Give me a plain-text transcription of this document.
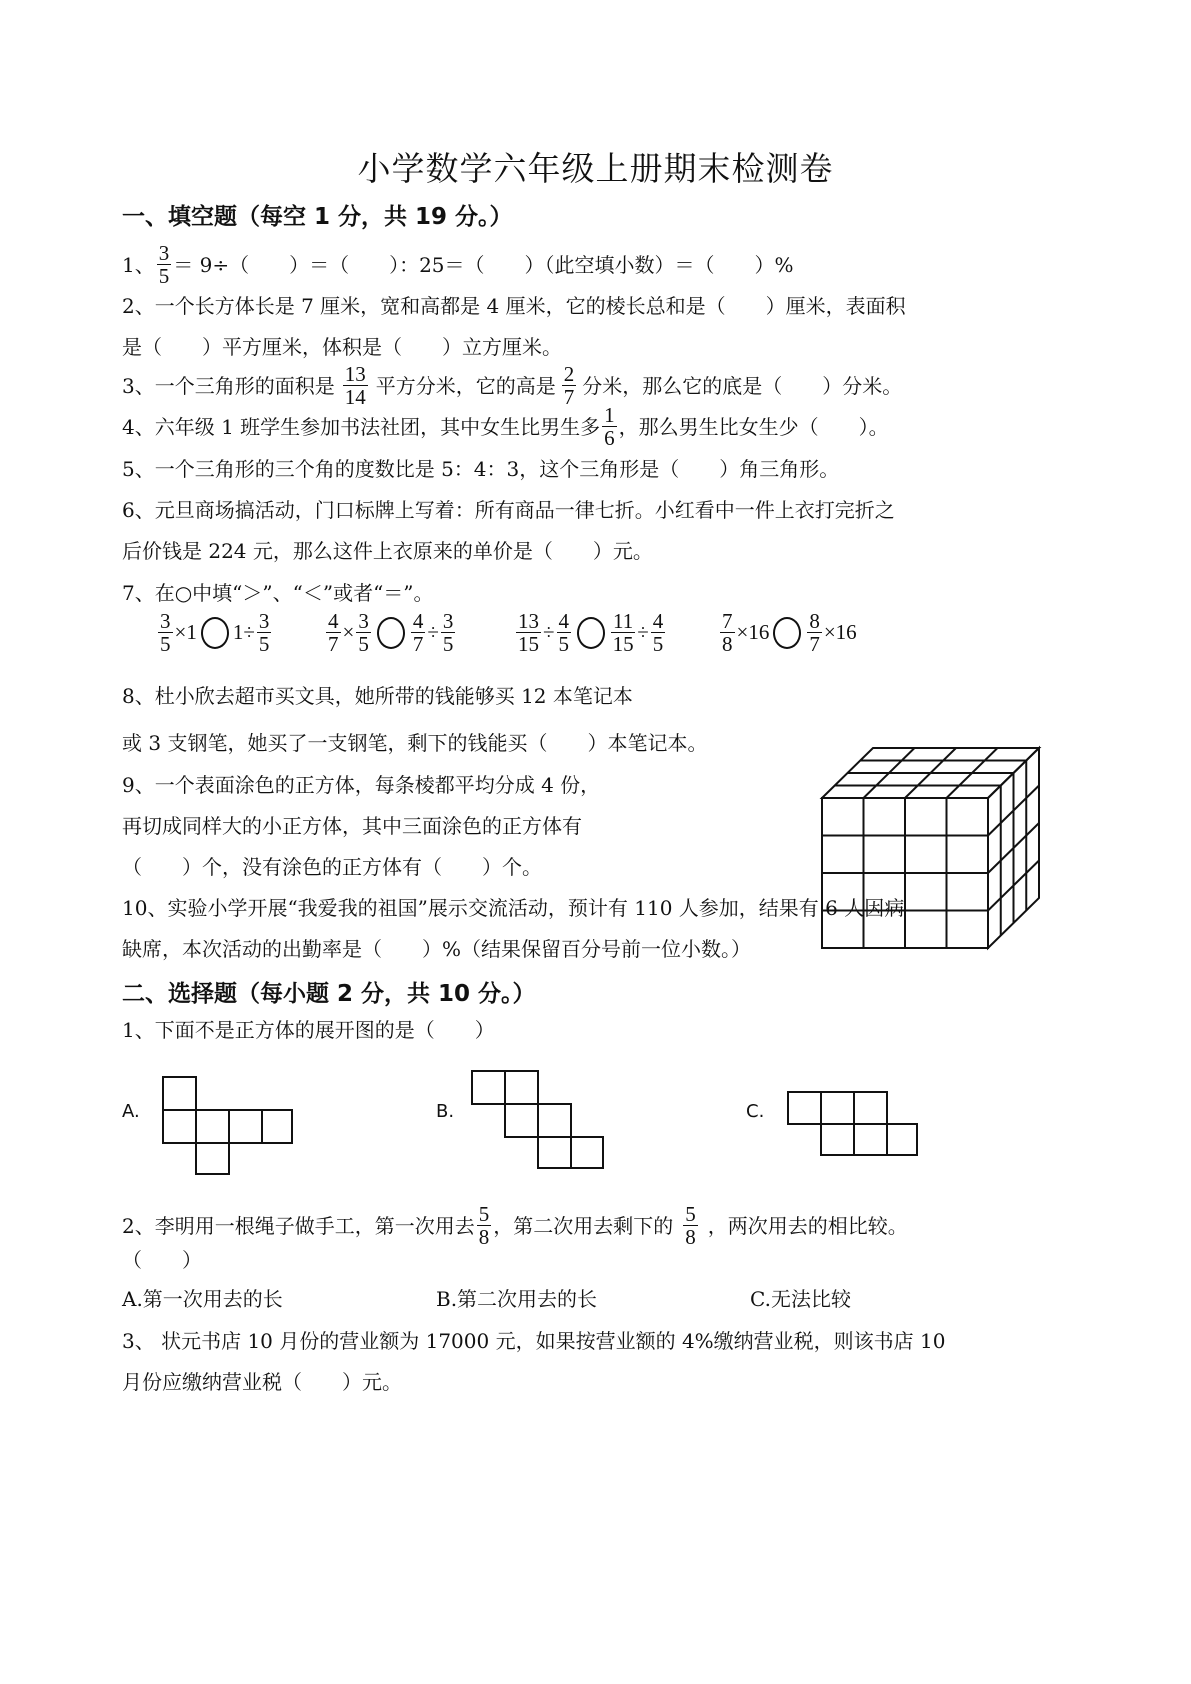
小学数学六年级上册期末检测卷
一、填空题（每空 1 分，共 19 分。）
1、 $\frac{3}{5} = 9\div$（　　）＝（　　）：25＝（　　）（此空填小数）＝（　　）%
2、一个长方体长是 7 厘米，宽和高都是 4 厘米，它的棱长总和是（　　）厘米，表面积
是（　　）平方厘米，体积是（　　）立方厘米。
3、一个三角形的面积是 $\frac{13}{14}$ 平方分米，它的高是 $\frac{2}{7}$ 分米，那么它的底是（　　）分米。
4、六年级 1 班学生参加书法社团，其中女生比男生多 $\frac{1}{6}$ ，那么男生比女生少（　　）。
5、一个三角形的三个角的度数比是 5：4：3，这个三角形是（　　）角三角形。
6、元旦商场搞活动，门口标牌上写着：所有商品一律七折。小红看中一件上衣打完折之
后价钱是 224 元，那么这件上衣原来的单价是（　　）元。
7、在○中填“＞”、“＜”或者“＝”。
$\frac{3}{5} \times 1$ $1\div \frac{3}{5}$	$\frac{4}{7} \times \frac{3}{5} \frac{4}{7} \div \frac{3}{5}$	$\frac{13}{15} \div \frac{4}{5} \frac{11}{15} \div \frac{4}{5}$	$\frac{7}{8} \times 16 \frac{8}{7} \times 16$
8、杜小欣去超市买文具，她所带的钱能够买 12 本笔记本
或 3 支钢笔，她买了一支钢笔，剩下的钱能买（　　）本笔记本。
9、一个表面涂色的正方体，每条棱都平均分成 4 份，
再切成同样大的小正方体，其中三面涂色的正方体有
（　　）个，没有涂色的正方体有（　　）个。
10、实验小学开展“我爱我的祖国”展示交流活动，预计有 110 人参加，结果有 6 人因病
缺席，本次活动的出勤率是（　　）%（结果保留百分号前一位小数。）
二、选择题（每小题 2 分，共 10 分。）
1、下面不是正方体的展开图的是（　　）
A.	B.	C.
2、李明用一根绳子做手工，第一次用去 $\frac{5}{8}$ ，第二次用去剩下的 $\frac{5}{8}$ ，两次用去的相比较。
（　　）
A.第一次用去的长	B.第二次用去的长	C.无法比较
3、 状元书店 10 月份的营业额为 17000 元，如果按营业额的 4%缴纳营业税，则该书店 10
月份应缴纳营业税（　　）元。
